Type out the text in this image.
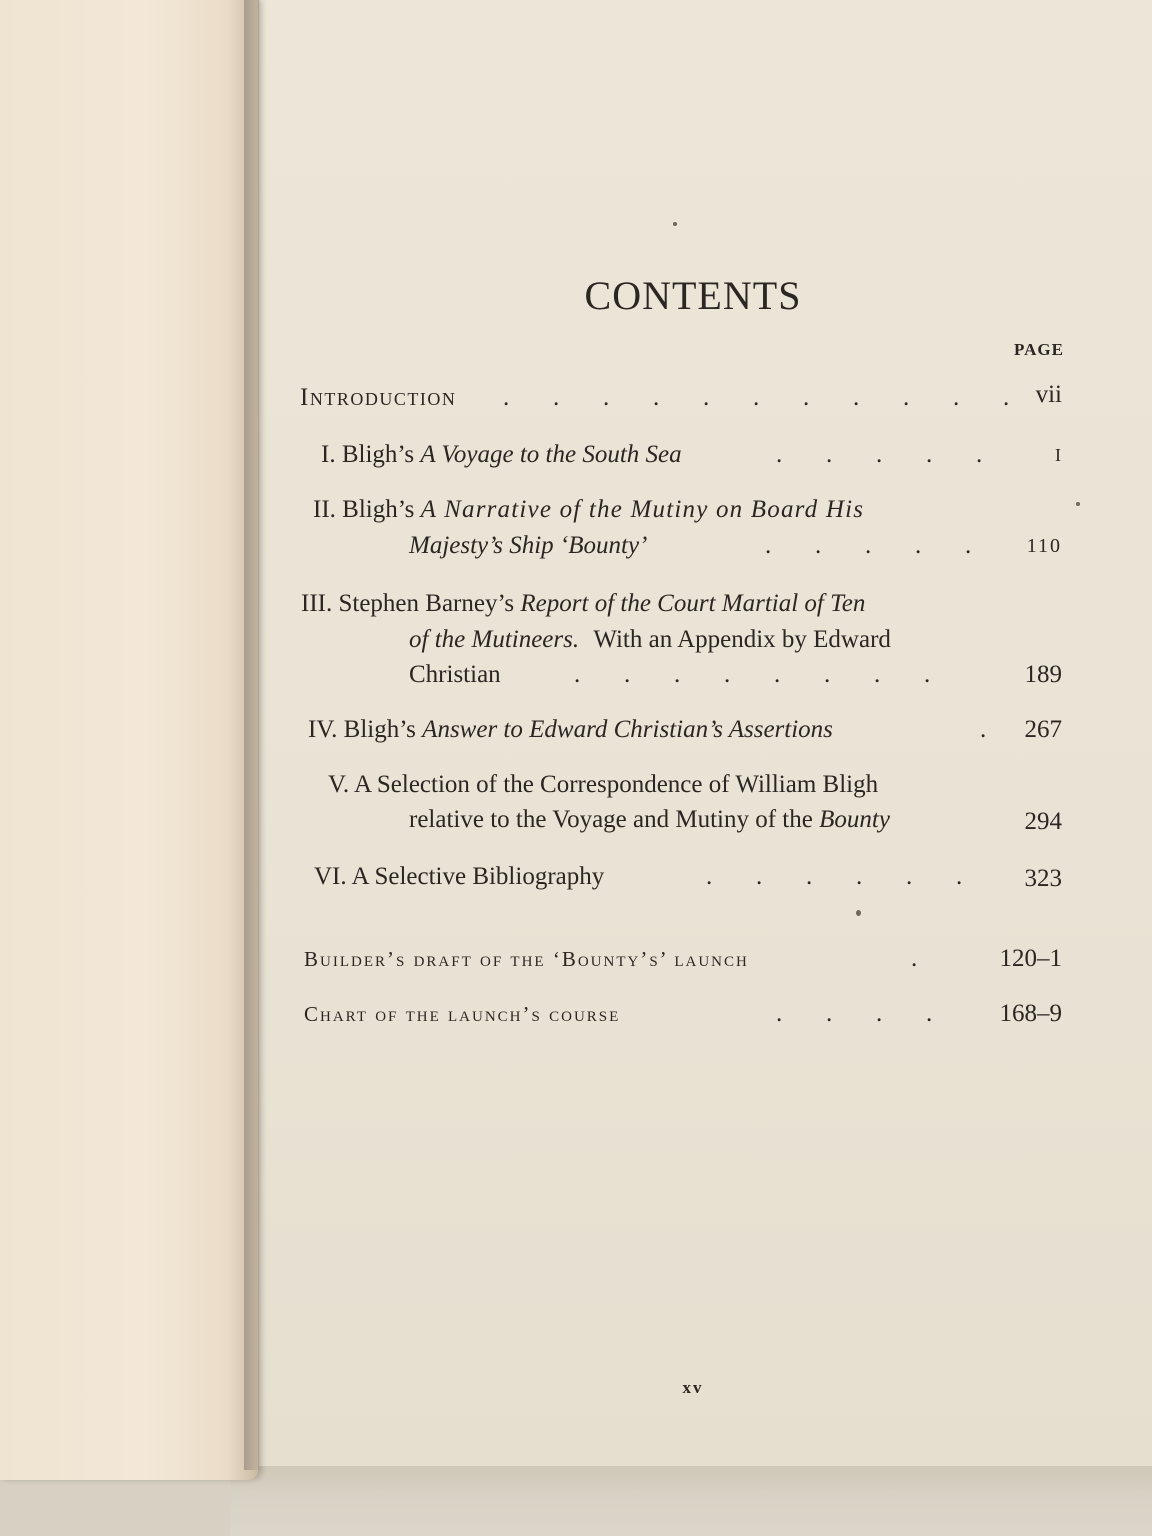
CONTENTS
PAGE
Introduction .       .       .       .       .       .       .       .       .       .       . vii
I. Bligh’s A Voyage to the South Sea	.       .       .       .       .	I
II. Bligh’s A Narrative of the Mutiny on Board His
Majesty’s Ship ‘Bounty’	.       .       .       .       .	110
III. Stephen Barney’s Report of the Court Martial of Ten
of the Mutineers. With an Appendix by Edward
Christian	.       .       .       .       .       .       .       .	189
IV. Bligh’s Answer to Edward Christian’s Assertions	. 267
V. A Selection of the Correspondence of William Bligh
relative to the Voyage and Mutiny of the Bounty	294
VI. A Selective Bibliography	.       .       .       .       .       . 323
Builder’s draft of the ‘Bounty’s’ launch	.	120–1
Chart of the launch’s course	.       .       .       .	168–9
xv
